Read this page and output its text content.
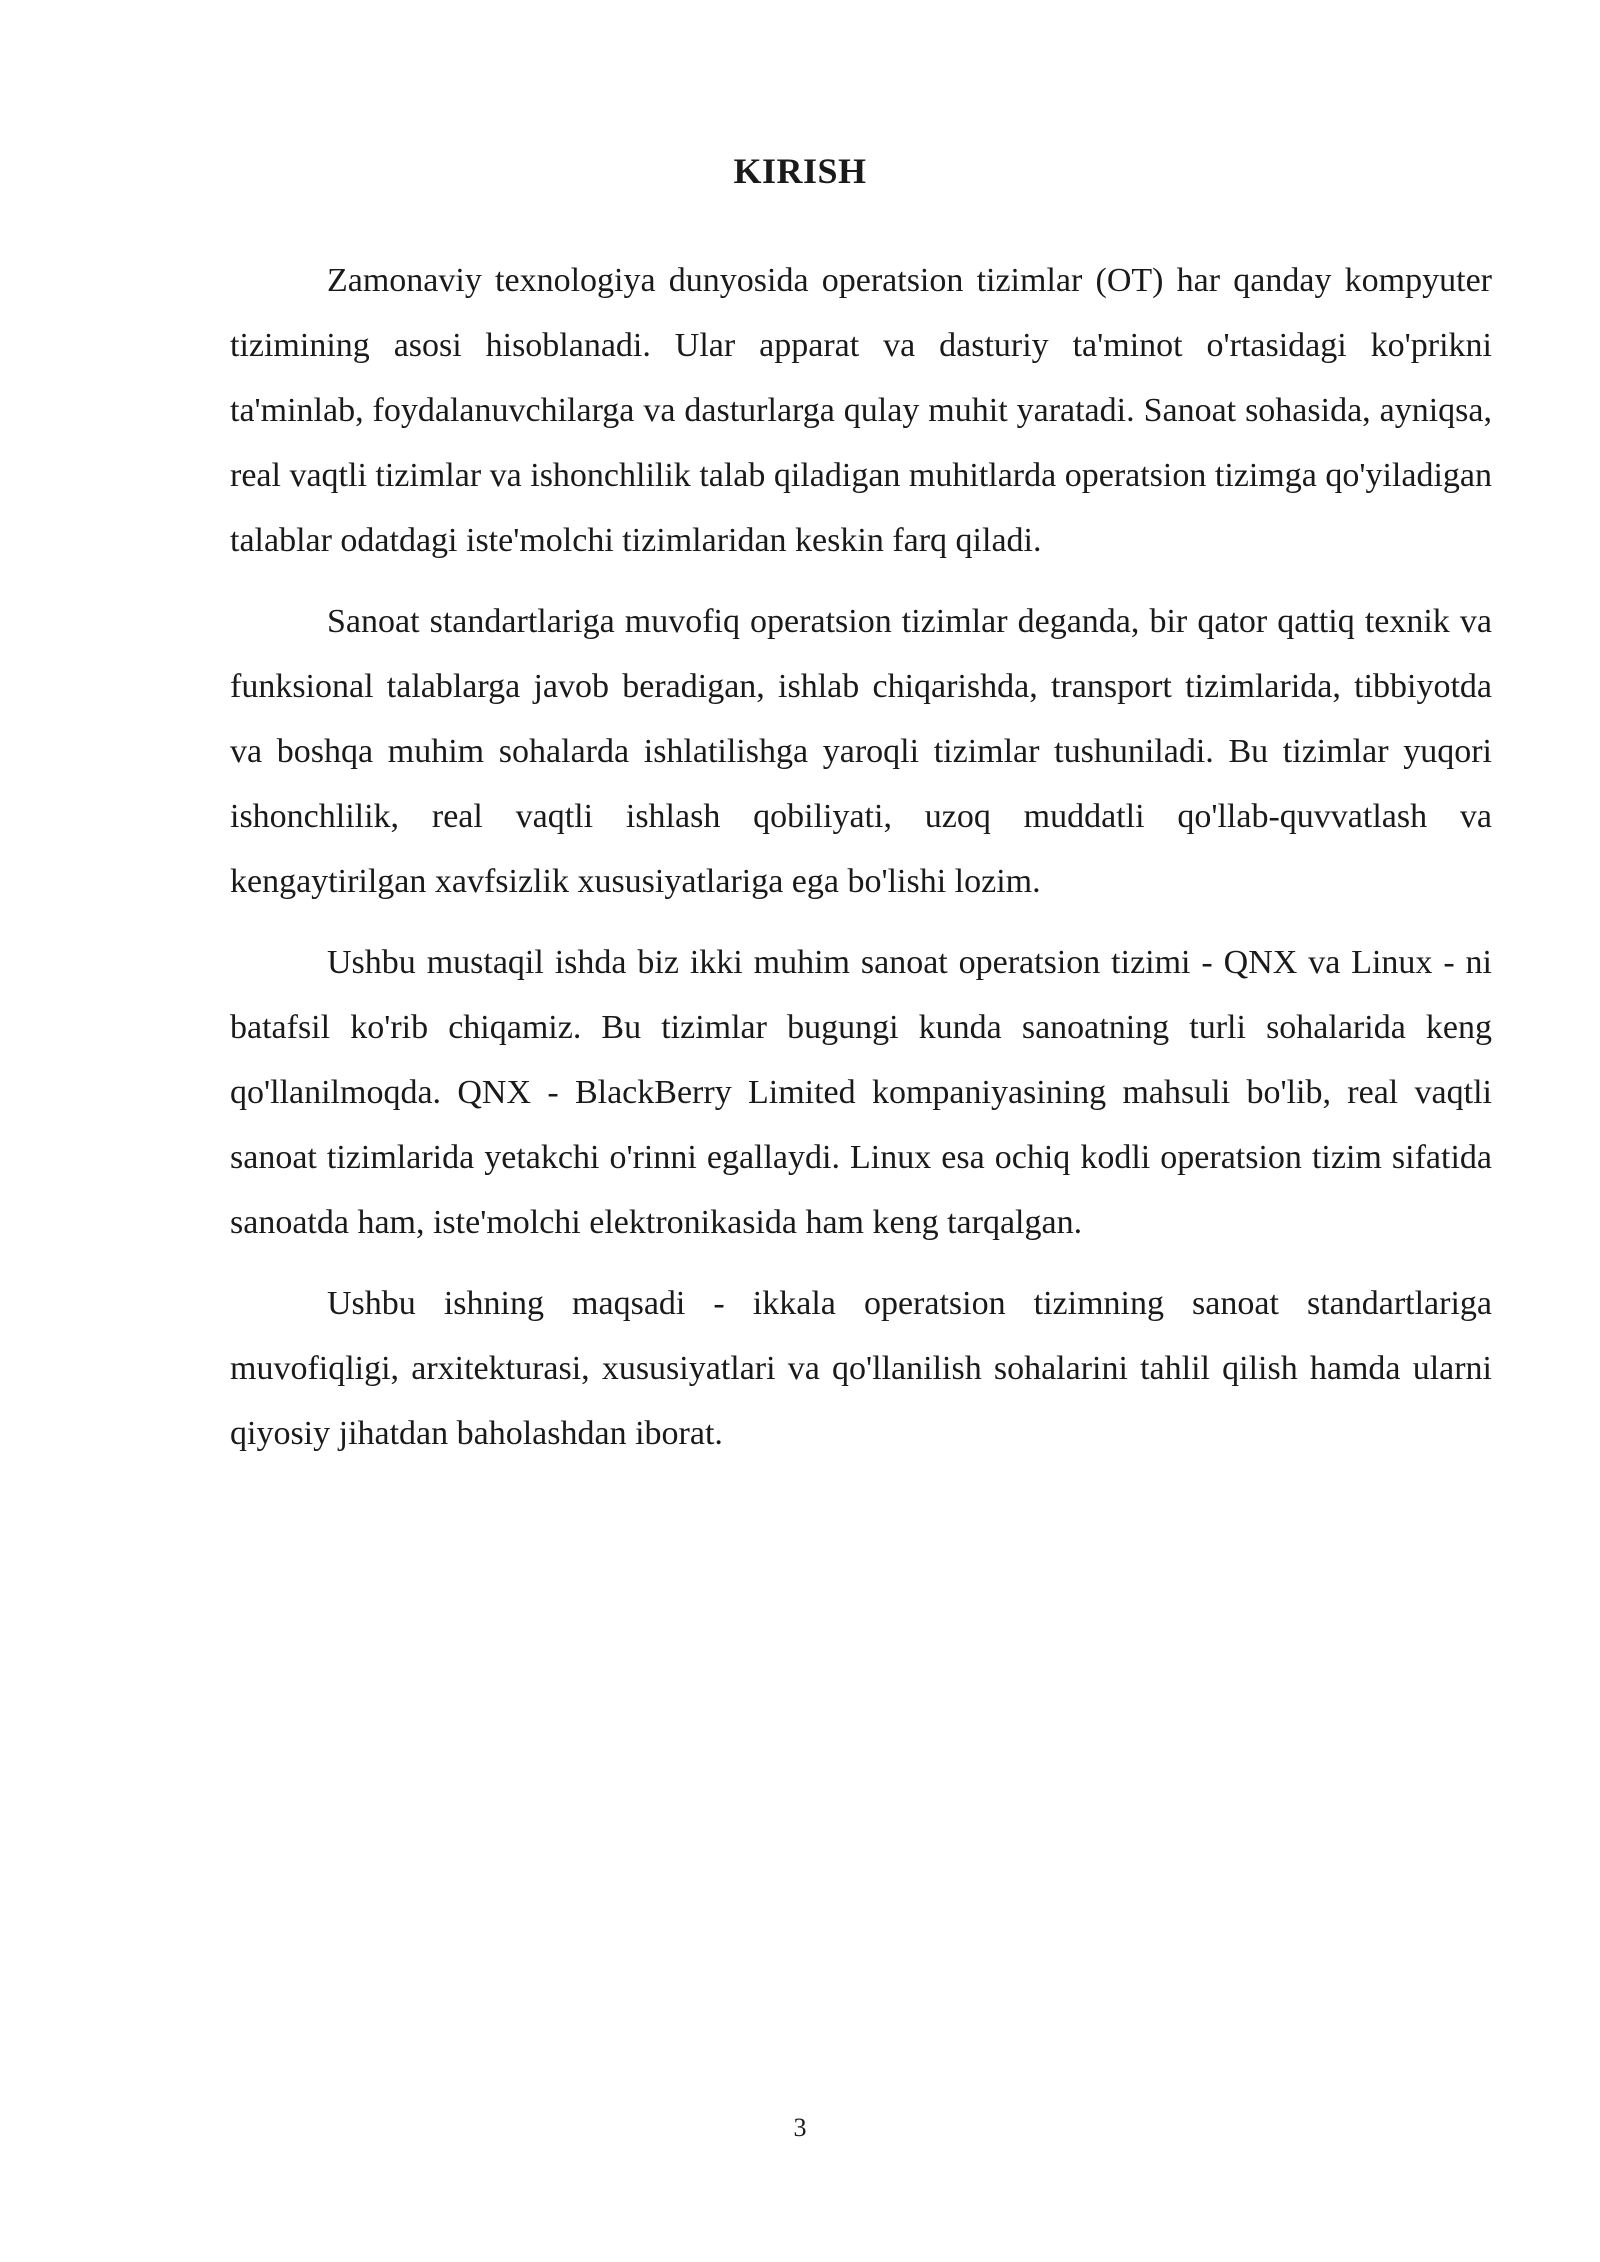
KIRISH

Zamonaviy texnologiya dunyosida operatsion tizimlar (OT) har qanday kompyuter tizimining asosi hisoblanadi. Ular apparat va dasturiy ta'minot o'rtasidagi ko'prikni ta'minlab, foydalanuvchilarga va dasturlarga qulay muhit yaratadi. Sanoat sohasida, ayniqsa, real vaqtli tizimlar va ishonchlilik talab qiladigan muhitlarda operatsion tizimga qo'yiladigan talablar odatdagi iste'molchi tizimlaridan keskin farq qiladi.

Sanoat standartlariga muvofiq operatsion tizimlar deganda, bir qator qattiq texnik va funksional talablarga javob beradigan, ishlab chiqarishda, transport tizimlarida, tibbiyotda va boshqa muhim sohalarda ishlatilishga yaroqli tizimlar tushuniladi. Bu tizimlar yuqori ishonchlilik, real vaqtli ishlash qobiliyati, uzoq muddatli qo'llab-quvvatlash va kengaytirilgan xavfsizlik xususiyatlariga ega bo'lishi lozim.

Ushbu mustaqil ishda biz ikki muhim sanoat operatsion tizimi - QNX va Linux - ni batafsil ko'rib chiqamiz. Bu tizimlar bugungi kunda sanoatning turli sohalarida keng qo'llanilmoqda. QNX - BlackBerry Limited kompaniyasining mahsuli bo'lib, real vaqtli sanoat tizimlarida yetakchi o'rinni egallaydi. Linux esa ochiq kodli operatsion tizim sifatida sanoatda ham, iste'molchi elektronikasida ham keng tarqalgan.

Ushbu ishning maqsadi - ikkala operatsion tizimning sanoat standartlariga muvofiqligi, arxitekturasi, xususiyatlari va qo'llanilish sohalarini tahlil qilish hamda ularni qiyosiy jihatdan baholashdan iborat.

3
